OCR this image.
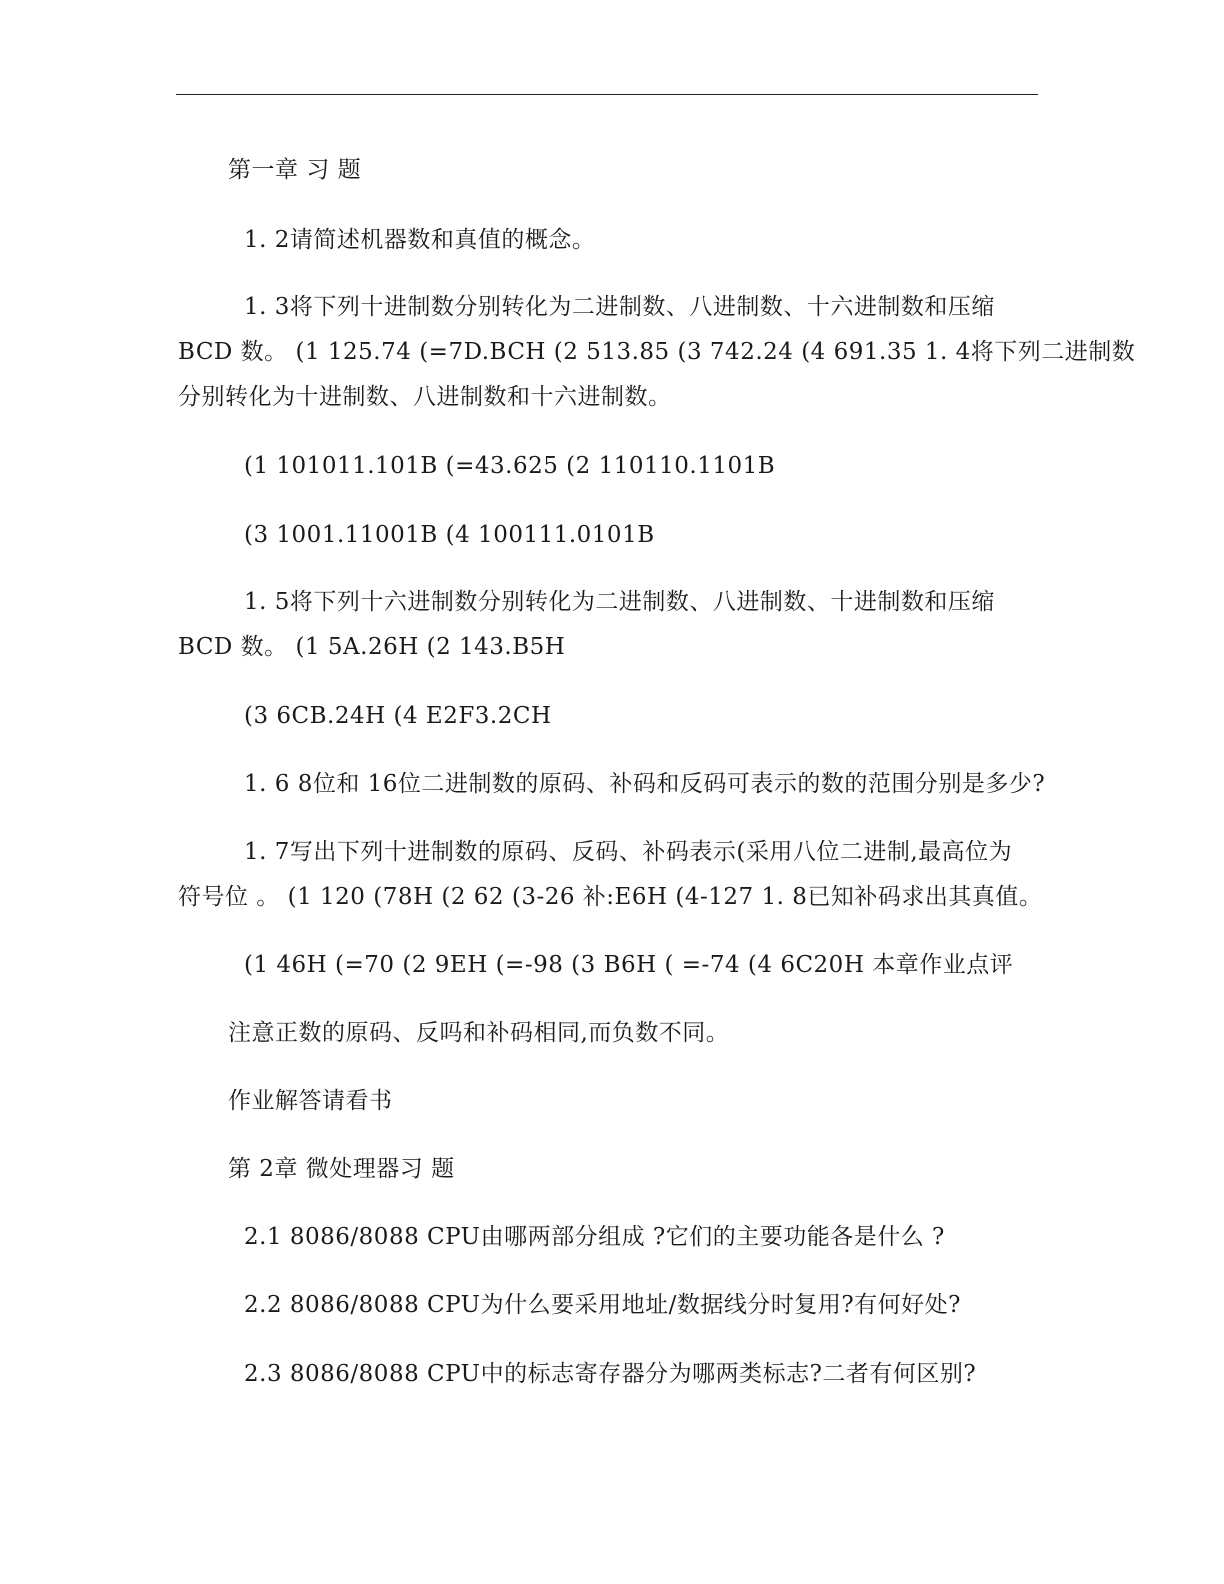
第一章 习 题
1. 2请简述机器数和真值的概念。
1. 3将下列十进制数分别转化为二进制数、八进制数、十六进制数和压缩
BCD 数。 (1 125.74 (=7D.BCH (2 513.85 (3 742.24 (4 691.35 1. 4将下列二进制数
分别转化为十进制数、八进制数和十六进制数。
(1 101011.101B (=43.625 (2 110110.1101B
(3 1001.11001B (4 100111.0101B
1. 5将下列十六进制数分别转化为二进制数、八进制数、十进制数和压缩
BCD 数。 (1 5A.26H (2 143.B5H
(3 6CB.24H (4 E2F3.2CH
1. 6 8位和 16位二进制数的原码、补码和反码可表示的数的范围分别是多少?
1. 7写出下列十进制数的原码、反码、补码表示(采用八位二进制,最高位为
符号位 。 (1 120 (78H (2 62 (3-26 补:E6H (4-127 1. 8已知补码求出其真值。
(1 46H (=70 (2 9EH (=-98 (3 B6H ( =-74 (4 6C20H 本章作业点评
注意正数的原码、反吗和补码相同,而负数不同。
作业解答请看书
第 2章 微处理器习 题
2.1 8086/8088 CPU由哪两部分组成 ?它们的主要功能各是什么 ?
2.2 8086/8088 CPU为什么要采用地址/数据线分时复用?有何好处?
2.3 8086/8088 CPU中的标志寄存器分为哪两类标志?二者有何区别?
